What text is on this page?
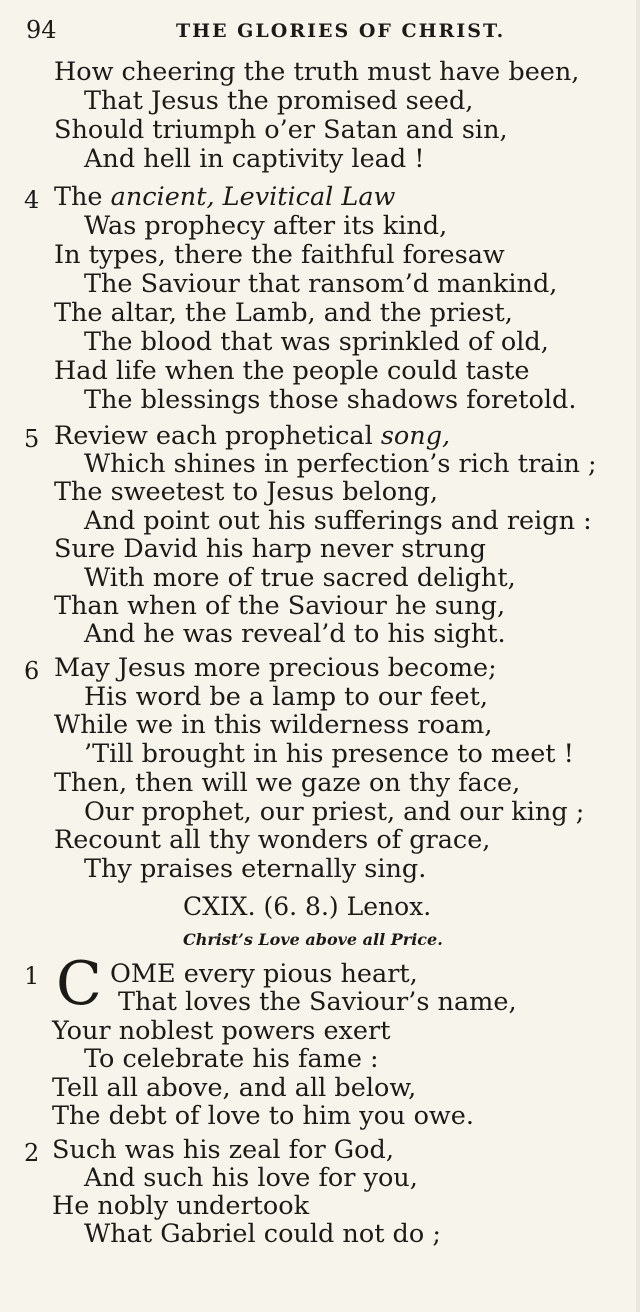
94	THE GLORIES OF CHRIST.
How cheering the truth must have been,
That Jesus the promised seed,
Should triumph o’er Satan and sin,
And hell in captivity lead !
4 The ancient, Levitical Law
Was prophecy after its kind,
In types, there the faithful foresaw
The Saviour that ransom’d mankind,
The altar, the Lamb, and the priest,
The blood that was sprinkled of old,
Had life when the people could taste
The blessings those shadows foretold.
5 Review each prophetical song,
Which shines in perfection’s rich train ;
The sweetest to Jesus belong,
And point out his sufferings and reign :
Sure David his harp never strung
With more of true sacred delight,
Than when of the Saviour he sung,
And he was reveal’d to his sight.
6 May Jesus more precious become;
His word be a lamp to our feet,
While we in this wilderness roam,
’Till brought in his presence to meet !
Then, then will we gaze on thy face,
Our prophet, our priest, and our king ;
Recount all thy wonders of grace,
Thy praises eternally sing.
CXIX. (6. 8.) Lenox.
Christ’s Love above all Price.
1 C OME every pious heart,
That loves the Saviour’s name,
Your noblest powers exert
To celebrate his fame :
Tell all above, and all below,
The debt of love to him you owe.
2 Such was his zeal for God,
And such his love for you,
He nobly undertook
What Gabriel could not do ;
